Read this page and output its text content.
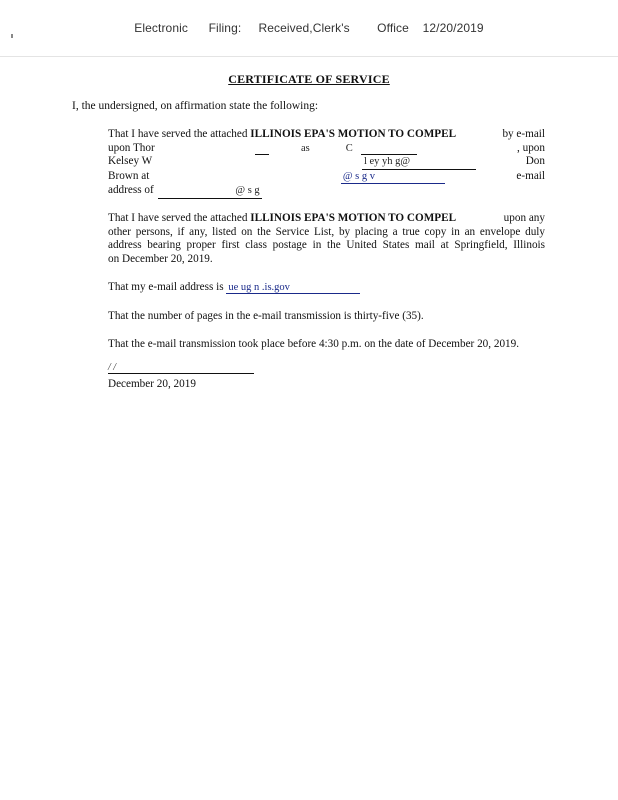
Electronic      Filing:     Received,Clerk's        Office    12/20/2019
CERTIFICATE OF SERVICE
I, the undersigned, on affirmation state the following:
That I have served the attached ILLINOIS EPA'S MOTION TO COMPEL	by e-mail
upon Thor	as	C	, upon
Kelsey W	l ey yh g@	Don
Brown at	@ s g v	e-mail
address of	@ s g
That I have served the attached ILLINOIS EPA'S MOTION TO COMPEL	upon any
other persons, if any, listed on the Service List, by placing a true copy in an envelope duly
address bearing proper first class postage in the United States mail at Springfield, Illinois
on December 20, 2019.
That my e-mail address is ue ug n .is.gov
That the number of pages in the e-mail transmission is thirty-five (35).
That the e-mail transmission took place before 4:30 p.m. on the date of December 20, 2019.
/ /
December 20, 2019
